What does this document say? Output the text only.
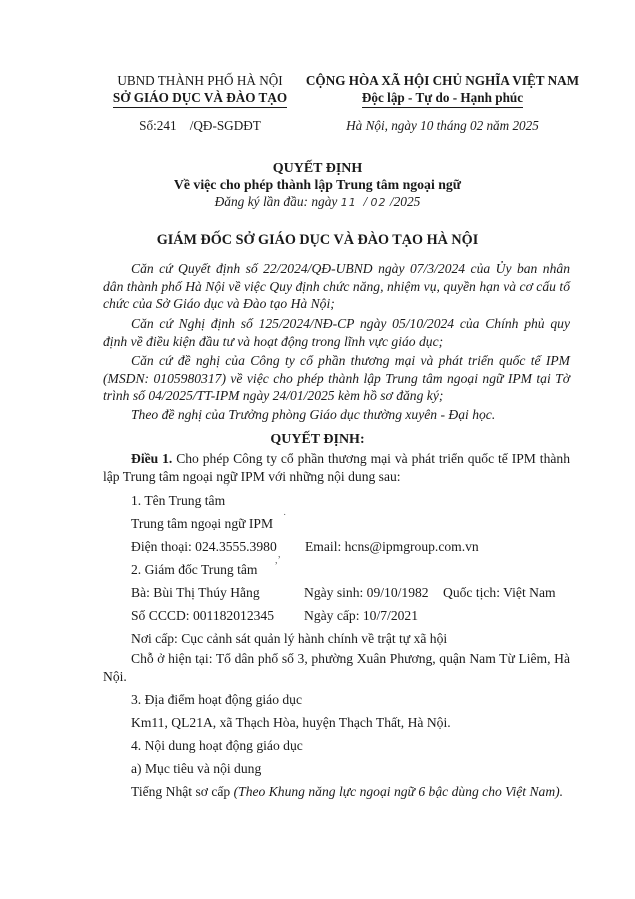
UBND THÀNH PHỐ HÀ NỘI
SỞ GIÁO DỤC VÀ ĐÀO TẠO
Số:241 /QĐ-SGDĐT
CỘNG HÒA XÃ HỘI CHỦ NGHĨA VIỆT NAM
Độc lập - Tự do - Hạnh phúc
Hà Nội, ngày 10 tháng 02 năm 2025
QUYẾT ĐỊNH
Về việc cho phép thành lập Trung tâm ngoại ngữ
Đăng ký lần đầu: ngày 11  / 02 /2025
GIÁM ĐỐC SỞ GIÁO DỤC VÀ ĐÀO TẠO HÀ NỘI
Căn cứ Quyết định số 22/2024/QĐ-UBND ngày 07/3/2024 của Ủy ban nhân dân thành phố Hà Nội về việc Quy định chức năng, nhiệm vụ, quyền hạn và cơ cấu tổ chức của Sở Giáo dục và Đào tạo Hà Nội;
Căn cứ Nghị định số 125/2024/NĐ-CP ngày 05/10/2024 của Chính phủ quy định về điều kiện đầu tư và hoạt động trong lĩnh vực giáo dục;
Căn cứ đề nghị của Công ty cổ phần thương mại và phát triển quốc tế IPM (MSDN: 0105980317) về việc cho phép thành lập Trung tâm ngoại ngữ IPM tại Tờ trình số 04/2025/TT-IPM ngày 24/01/2025 kèm hồ sơ đăng ký;
Theo đề nghị của Trưởng phòng Giáo dục thường xuyên - Đại học.
QUYẾT ĐỊNH:
Điều 1. Cho phép Công ty cổ phần thương mại và phát triển quốc tế IPM thành lập Trung tâm ngoại ngữ IPM với những nội dung sau:
1. Tên Trung tâm
´
Trung tâm ngoại ngữ IPM ˙
Điện thoại: 024.3555.3980 Email: hcns@ipmgroup.com.vn
2. Giám đốc Trung tâm
,ʼ
Bà: Bùi Thị Thúy Hằng	Ngày sinh: 09/10/1982 Quốc tịch: Việt Nam
Số CCCD: 001182012345 Ngày cấp: 10/7/2021
Nơi cấp: Cục cảnh sát quản lý hành chính về trật tự xã hội
Chỗ ở hiện tại: Tổ dân phố số 3, phường Xuân Phương, quận Nam Từ Liêm, Hà Nội.
3. Địa điểm hoạt động giáo dục
Km11, QL21A, xã Thạch Hòa, huyện Thạch Thất, Hà Nội.
4. Nội dung hoạt động giáo dục
a) Mục tiêu và nội dung
Tiếng Nhật sơ cấp (Theo Khung năng lực ngoại ngữ 6 bậc dùng cho Việt Nam).
